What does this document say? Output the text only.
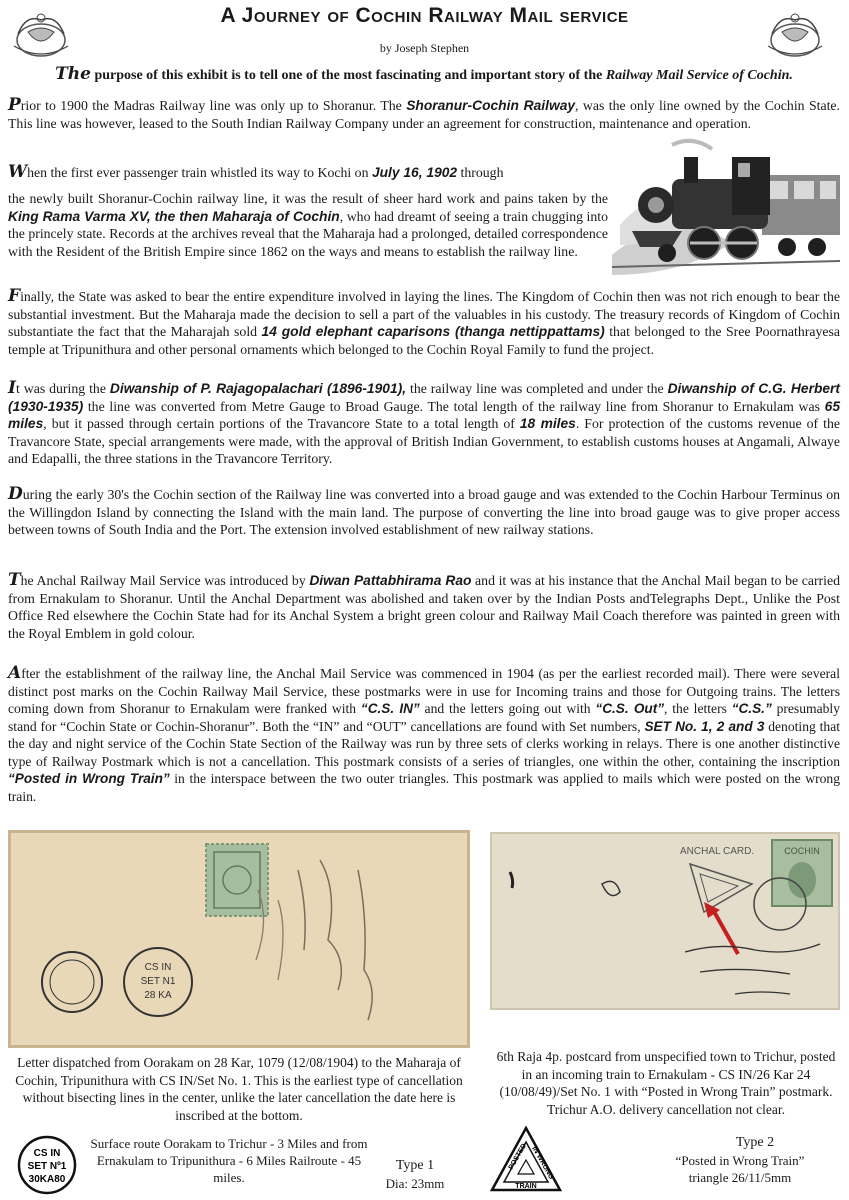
A Journey of Cochin Railway Mail service
by Joseph Stephen
The purpose of this exhibit is to tell one of the most fascinating and important story of the Railway Mail Service of Cochin.
Prior to 1900 the Madras Railway line was only up to Shoranur. The Shoranur-Cochin Railway, was the only line owned by the Cochin State. This line was however, leased to the South Indian Railway Company under an agreement for construction, maintenance and operation.
When the first ever passenger train whistled its way to Kochi on July 16, 1902 through
the newly built Shoranur-Cochin railway line, it was the result of sheer hard work and pains taken by the King Rama Varma XV, the then Maharaja of Cochin, who had dreamt of seeing a train chugging into the princely state. Records at the archives reveal that the Maharaja had a prolonged, detailed correspondence with the Resident of the British Empire since 1862 on the ways and means to establish the railway line.
Finally, the State was asked to bear the entire expenditure involved in laying the lines. The Kingdom of Cochin then was not rich enough to bear the substantial investment. But the Maharaja made the decision to sell a part of the valuables in his custody. The treasury records of Kingdom of Cochin substantiate the fact that the Maharajah sold 14 gold elephant caparisons (thanga nettippattams) that belonged to the Sree Poornathrayesa temple at Tripunithura and other personal ornaments which belonged to the Cochin Royal Family to fund the project.
It was during the Diwanship of P. Rajagopalachari (1896-1901), the railway line was completed and under the Diwanship of C.G. Herbert (1930-1935) the line was converted from Metre Gauge to Broad Gauge. The total length of the railway line from Shoranur to Ernakulam was 65 miles, but it passed through certain portions of the Travancore State to a total length of 18 miles. For protection of the customs revenue of the Travancore State, special arrangements were made, with the approval of British Indian Government, to establish customs houses at Angamali, Alwaye and Edapalli, the three stations in the Travancore Territory.
During the early 30's the Cochin section of the Railway line was converted into a broad gauge and was extended to the Cochin Harbour Terminus on the Willingdon Island by connecting the Island with the main land. The purpose of converting the line into broad gauge was to give proper access between towns of South India and the Port. The extension involved establishment of new railway stations.
The Anchal Railway Mail Service was introduced by Diwan Pattabhirama Rao and it was at his instance that the Anchal Mail began to be carried from Ernakulam to Shoranur. Until the Anchal Department was abolished and taken over by the Indian Posts andTelegraphs Dept., Unlike the Post Office Red elsewhere the Cochin State had for its Anchal System a bright green colour and Railway Mail Coach therefore was painted in green with the Royal Emblem in gold colour.
After the establishment of the railway line, the Anchal Mail Service was commenced in 1904 (as per the earliest recorded mail). There were several distinct post marks on the Cochin Railway Mail Service, these postmarks were in use for Incoming trains and those for Outgoing trains. The letters coming down from Shoranur to Ernakulam were franked with “C.S. IN” and the letters going out with “C.S. Out”, the letters “C.S.” presumably stand for “Cochin State or Cochin-Shoranur”. Both the “IN” and “OUT” cancellations are found with Set numbers, SET No. 1, 2 and 3 denoting that the day and night service of the Cochin State Section of the Railway was run by three sets of clerks working in relays. There is one another distinctive type of Railway Postmark which is not a cancellation. This postmark consists of a series of triangles, one within the other, containing the inscription “Posted in Wrong Train” in the interspace between the two outer triangles. This postmark was applied to mails which were posted on the wrong train.
CS IN
SET N1
28 KA
ANCHAL CARD.	COCHIN
Letter dispatched from Oorakam on 28 Kar, 1079 (12/08/1904) to the Maharaja of Cochin, Tripunithura with CS IN/Set No. 1. This is the earliest type of cancellation without bisecting lines in the center, unlike the later cancellation the date here is inscribed at the bottom.
CS IN
SET Nº1
30KA80
Surface route Oorakam to Trichur - 3 Miles and from Ernakulam to Tripunithura - 6 Miles Railroute - 45 miles.
Type 1
Dia: 23mm
6th Raja 4p. postcard from unspecified town to Trichur, posted in an incoming train to Ernakulam - CS IN/26 Kar 24 (10/08/49)/Set No. 1 with “Posted in Wrong Train” postmark. Trichur A.O. delivery cancellation not clear.
POSTED IN WRONG
TRAIN
Type 2
“Posted in Wrong Train”
triangle 26/11/5mm
